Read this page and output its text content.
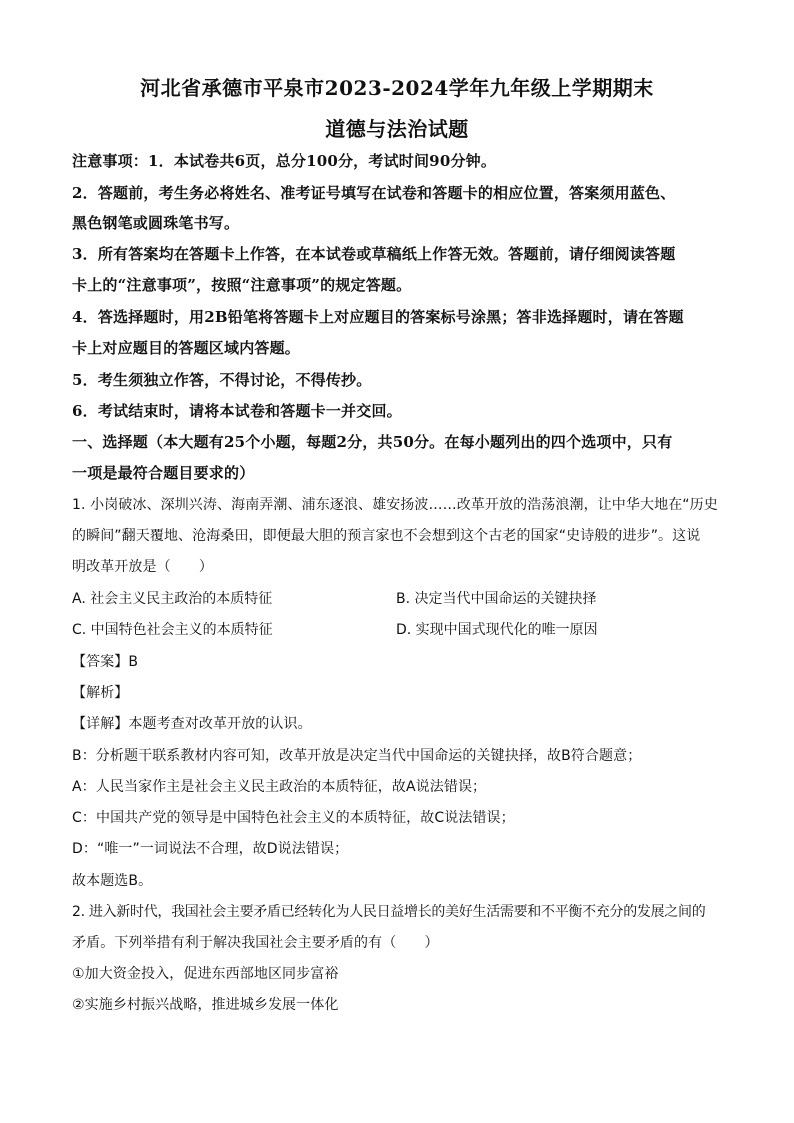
河北省承德市平泉市2023-2024学年九年级上学期期末
道德与法治试题
注意事项：1．本试卷共6页，总分100分，考试时间90分钟。
2．答题前，考生务必将姓名、准考证号填写在试卷和答题卡的相应位置，答案须用蓝色、
黑色钢笔或圆珠笔书写。
3．所有答案均在答题卡上作答，在本试卷或草稿纸上作答无效。答题前，请仔细阅读答题
卡上的“注意事项”，按照“注意事项”的规定答题。
4．答选择题时，用2B铅笔将答题卡上对应题目的答案标号涂黑；答非选择题时，请在答题
卡上对应题目的答题区域内答题。
5．考生须独立作答，不得讨论，不得传抄。
6．考试结束时，请将本试卷和答题卡一并交回。
一、选择题（本大题有25个小题，每题2分，共50分。在每小题列出的四个选项中，只有
一项是最符合题目要求的）
1. 小岗破冰、深圳兴涛、海南弄潮、浦东逐浪、雄安扬波……改革开放的浩荡浪潮，让中华大地在“历史
的瞬间”翻天覆地、沧海桑田，即便最大胆的预言家也不会想到这个古老的国家“史诗般的进步”。这说
明改革开放是（　　）
A. 社会主义民主政治的本质特征	B. 决定当代中国命运的关键抉择
C. 中国特色社会主义的本质特征	D. 实现中国式现代化的唯一原因
【答案】B
【解析】
【详解】本题考查对改革开放的认识。
B：分析题干联系教材内容可知，改革开放是决定当代中国命运的关键抉择，故B符合题意；
A：人民当家作主是社会主义民主政治的本质特征，故A说法错误；
C：中国共产党的领导是中国特色社会主义的本质特征，故C说法错误；
D：“唯一”一词说法不合理，故D说法错误；
故本题选B。
2. 进入新时代，我国社会主要矛盾已经转化为人民日益增长的美好生活需要和不平衡不充分的发展之间的
矛盾。下列举措有利于解决我国社会主要矛盾的有（　　）
①加大资金投入，促进东西部地区同步富裕
②实施乡村振兴战略，推进城乡发展一体化
